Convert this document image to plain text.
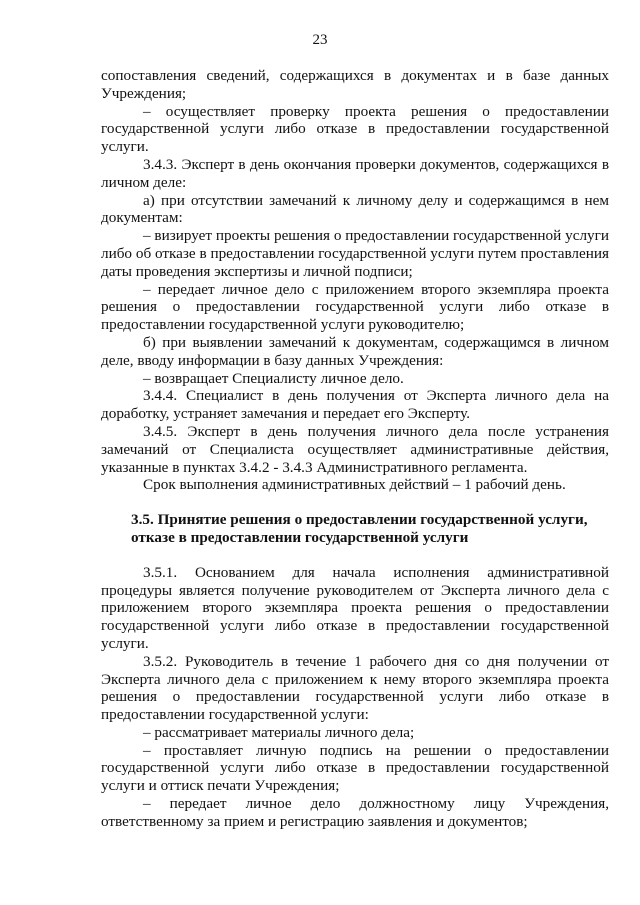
23

сопоставления сведений, содержащихся в документах и в базе данных Учреждения;

– осуществляет проверку проекта решения о предоставлении государственной услуги либо отказе в предоставлении государственной услуги.

3.4.3. Эксперт в день окончания проверки документов, содержащихся в личном деле:

а) при отсутствии замечаний к личному делу и содержащимся в нем документам:

– визирует проекты решения о предоставлении государственной услуги либо об отказе в предоставлении государственной услуги путем проставления даты проведения экспертизы и личной подписи;

– передает личное дело с приложением второго экземпляра проекта решения о предоставлении государственной услуги либо отказе в предоставлении государственной услуги руководителю;

б) при выявлении замечаний к документам, содержащимся в личном деле, вводу информации в базу данных Учреждения:

– возвращает Специалисту личное дело.

3.4.4. Специалист в день получения от Эксперта личного дела на доработку, устраняет замечания и передает его Эксперту.

3.4.5. Эксперт в день получения личного дела после устранения замечаний от Специалиста осуществляет административные действия, указанные в пунктах 3.4.2 - 3.4.3 Административного регламента.

Срок выполнения административных действий – 1 рабочий день.

3.5. Принятие решения о предоставлении государственной услуги,

отказе в предоставлении государственной услуги

3.5.1. Основанием для начала исполнения административной процедуры является получение руководителем от Эксперта личного дела с приложением второго экземпляра проекта решения о предоставлении государственной услуги либо отказе в предоставлении государственной услуги.

3.5.2. Руководитель в течение 1 рабочего дня со дня получении от Эксперта личного дела с приложением к нему второго экземпляра проекта решения о предоставлении государственной услуги либо отказе в предоставлении государственной услуги:

– рассматривает материалы личного дела;

– проставляет личную подпись на решении о предоставлении государственной услуги либо отказе в предоставлении государственной услуги и оттиск печати Учреждения;

– передает личное дело должностному лицу Учреждения, ответственному за прием и регистрацию заявления и документов;
